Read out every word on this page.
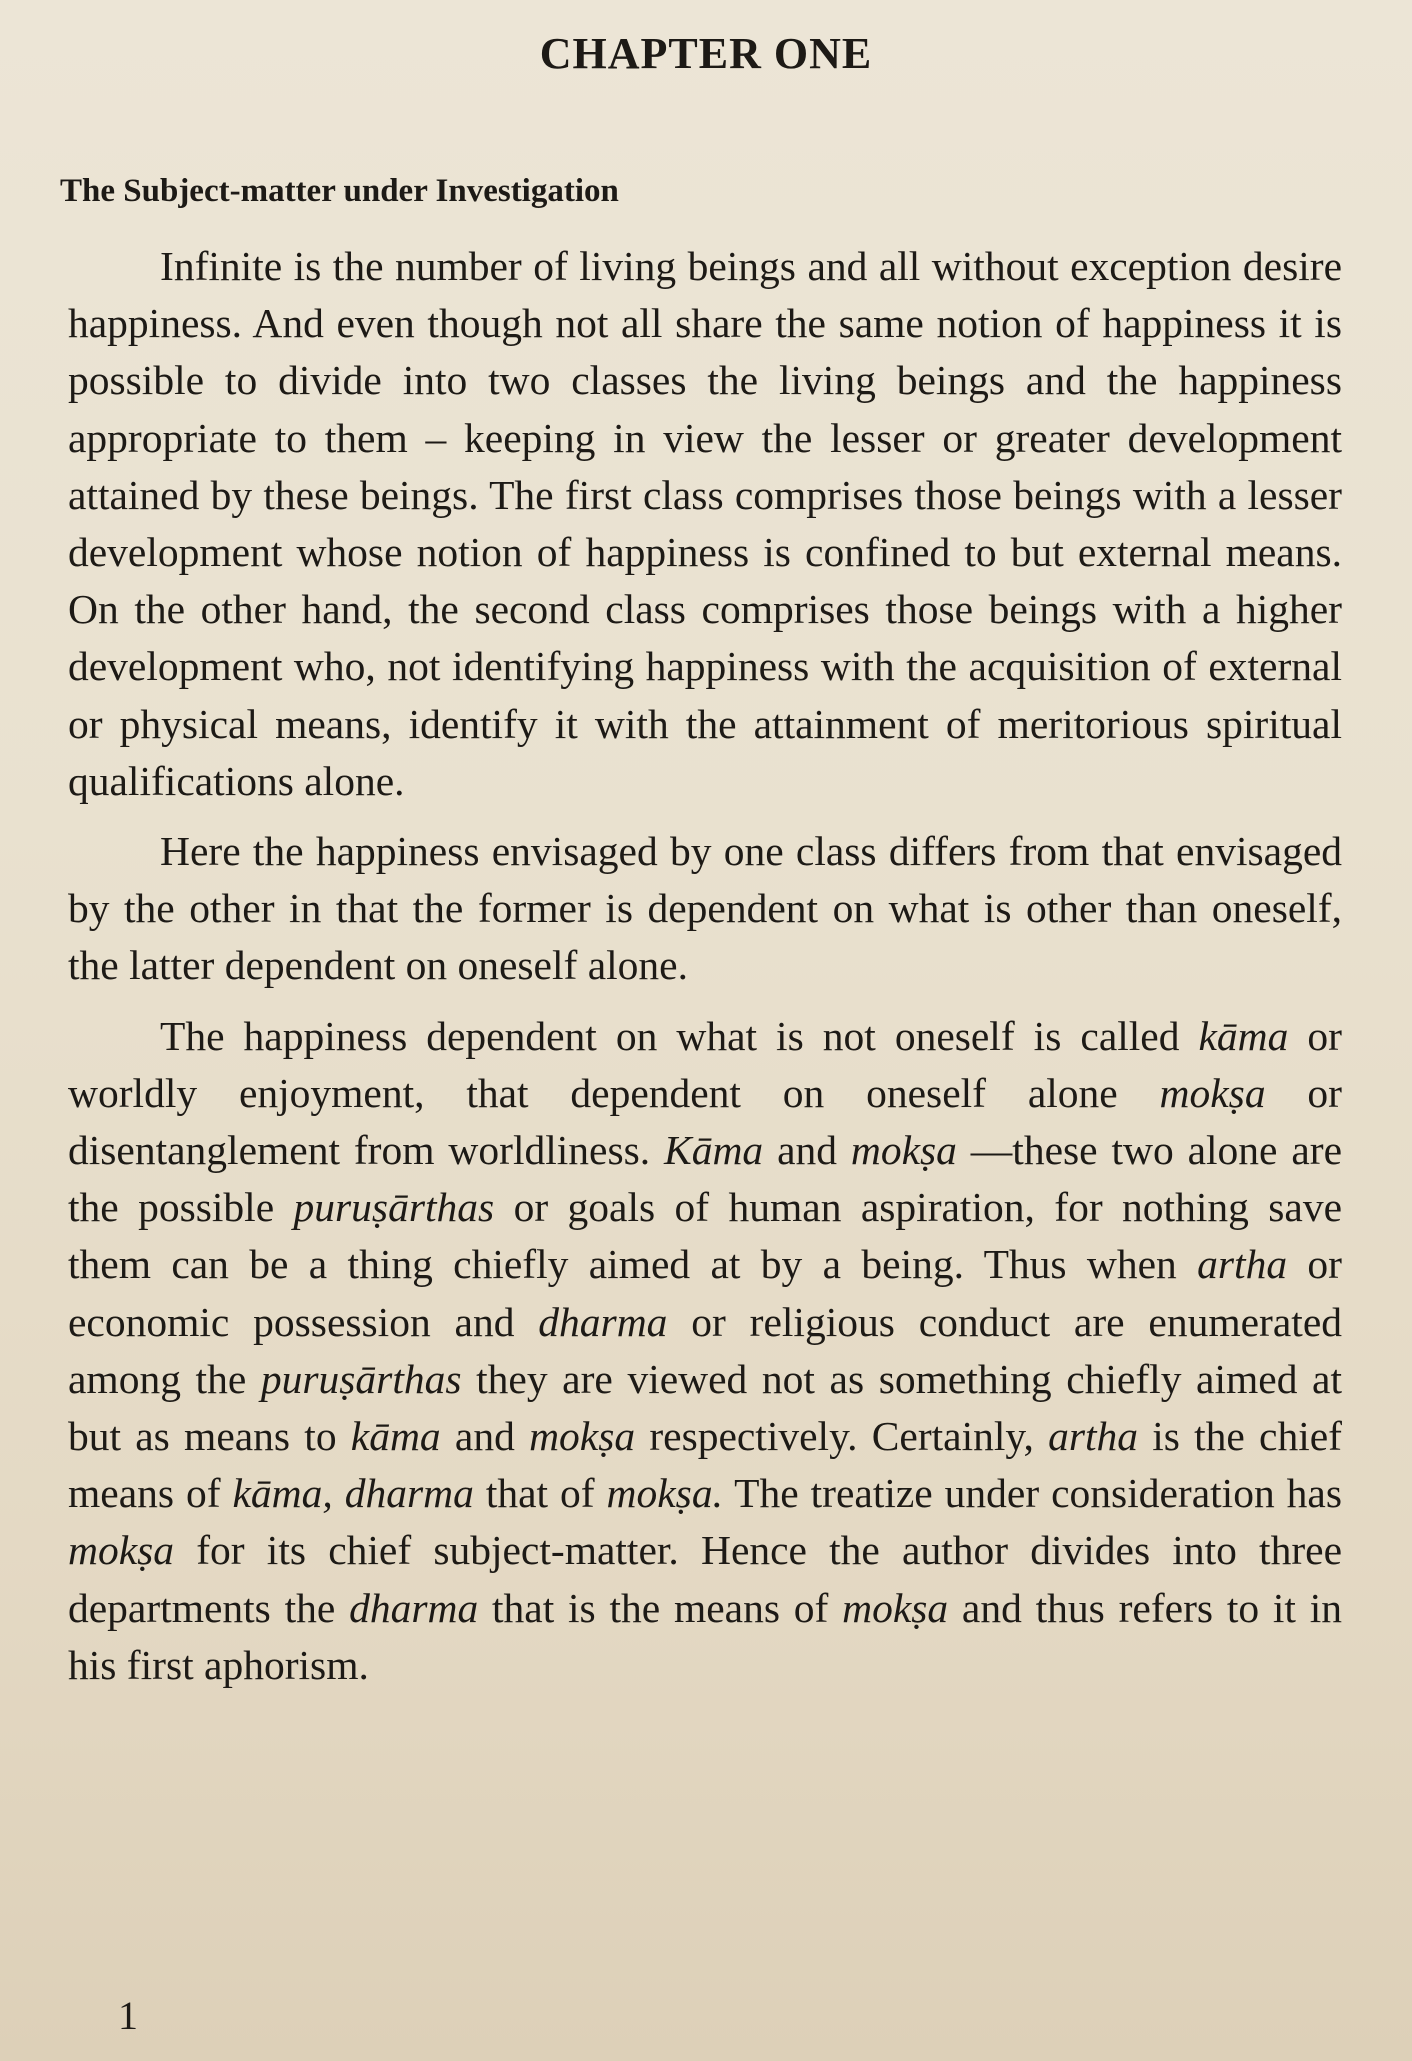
CHAPTER ONE
The Subject-matter under Investigation

Infinite is the number of living beings and all without exception desire happiness. And even though not all share the same notion of happiness it is possible to divide into two classes the living beings and the happiness appropriate to them – keeping in view the lesser or greater development attained by these beings. The first class comprises those beings with a lesser development whose notion of happiness is confined to but external means. On the other hand, the second class comprises those beings with a higher development who, not identifying happiness with the acquisition of external or physical means, identify it with the attainment of meritorious spiritual qualifications alone.

Here the happiness envisaged by one class differs from that envisaged by the other in that the former is dependent on what is other than oneself, the latter dependent on oneself alone.

The happiness dependent on what is not oneself is called kāma or worldly enjoyment, that dependent on oneself alone mokṣa or disentanglement from worldliness. Kāma and mokṣa —these two alone are the possible puruṣārthas or goals of human aspiration, for nothing save them can be a thing chiefly aimed at by a being. Thus when artha or economic possession and dharma or religious conduct are enumerated among the puruṣārthas they are viewed not as something chiefly aimed at but as means to kāma and mokṣa respectively. Certainly, artha is the chief means of kāma, dharma that of mokṣa. The treatize under consideration has mokṣa for its chief subject-matter. Hence the author divides into three departments the dharma that is the means of mokṣa and thus refers to it in his first aphorism.

1
